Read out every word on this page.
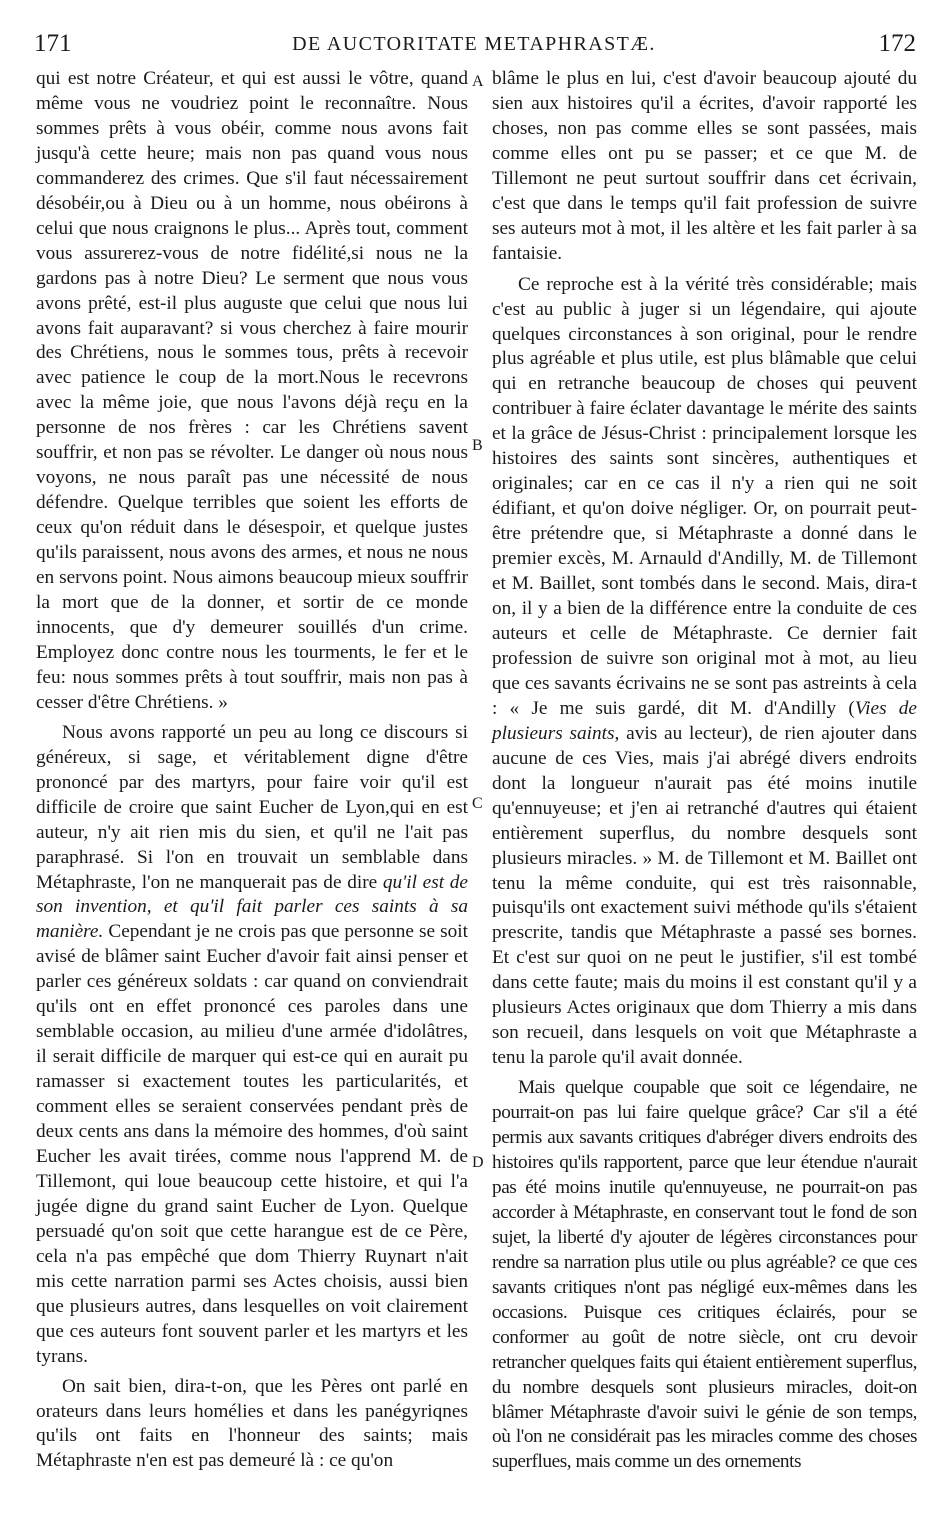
171	DE AUCTORITATE METAPHRASTÆ.	172

qui est notre Créateur, et qui est aussi le vôtre, quand même vous ne voudriez point le reconnaître. Nous sommes prêts à vous obéir, comme nous avons fait jusqu'à cette heure; mais non pas quand vous nous commanderez des crimes. Que s'il faut nécessairement désobéir,ou à Dieu ou à un homme, nous obéirons à celui que nous craignons le plus... Après tout, comment vous assurerez-vous de notre fidélité,si nous ne la gardons pas à notre Dieu? Le serment que nous vous avons prêté, est-il plus auguste que celui que nous lui avons fait auparavant? si vous cherchez à faire mourir des Chrétiens, nous le sommes tous, prêts à recevoir avec patience le coup de la mort.Nous le recevrons avec la même joie, que nous l'avons déjà reçu en la personne de nos frères : car les Chrétiens savent souffrir, et non pas se révolter. Le danger où nous nous voyons, ne nous paraît pas une nécessité de nous défendre. Quelque terribles que soient les efforts de ceux qu'on réduit dans le désespoir, et quelque justes qu'ils paraissent, nous avons des armes, et nous ne nous en servons point. Nous aimons beaucoup mieux souffrir la mort que de la donner, et sortir de ce monde innocents, que d'y demeurer souillés d'un crime. Employez donc contre nous les tourments, le fer et le feu: nous sommes prêts à tout souffrir, mais non pas à cesser d'être Chrétiens. »

Nous avons rapporté un peu au long ce discours si généreux, si sage, et véritablement digne d'être prononcé par des martyrs, pour faire voir qu'il est difficile de croire que saint Eucher de Lyon,qui en est auteur, n'y ait rien mis du sien, et qu'il ne l'ait pas paraphrasé. Si l'on en trouvait un semblable dans Métaphraste, l'on ne manquerait pas de dire qu'il est de son invention, et qu'il fait parler ces saints à sa manière. Cependant je ne crois pas que personne se soit avisé de blâmer saint Eucher d'avoir fait ainsi penser et parler ces généreux soldats : car quand on conviendrait qu'ils ont en effet prononcé ces paroles dans une semblable occasion, au milieu d'une armée d'idolâtres, il serait difficile de marquer qui est-ce qui en aurait pu ramasser si exactement toutes les particularités, et comment elles se seraient conservées pendant près de deux cents ans dans la mémoire des hommes, d'où saint Eucher les avait tirées, comme nous l'apprend M. de Tillemont, qui loue beaucoup cette histoire, et qui l'a jugée digne du grand saint Eucher de Lyon. Quelque persuadé qu'on soit que cette harangue est de ce Père, cela n'a pas empêché que dom Thierry Ruynart n'ait mis cette narration parmi ses Actes choisis, aussi bien que plusieurs autres, dans lesquelles on voit clairement que ces auteurs font souvent parler et les martyrs et les tyrans.

On sait bien, dira-t-on, que les Pères ont parlé en orateurs dans leurs homélies et dans les panégyriqnes qu'ils ont faits en l'honneur des saints; mais Métaphraste n'en est pas demeuré là : ce qu'on

A
B
C
D

blâme le plus en lui, c'est d'avoir beaucoup ajouté du sien aux histoires qu'il a écrites, d'avoir rapporté les choses, non pas comme elles se sont passées, mais comme elles ont pu se passer; et ce que M. de Tillemont ne peut surtout souffrir dans cet écrivain, c'est que dans le temps qu'il fait profession de suivre ses auteurs mot à mot, il les altère et les fait parler à sa fantaisie.

Ce reproche est à la vérité très considérable; mais c'est au public à juger si un légendaire, qui ajoute quelques circonstances à son original, pour le rendre plus agréable et plus utile, est plus blâmable que celui qui en retranche beaucoup de choses qui peuvent contribuer à faire éclater davantage le mérite des saints et la grâce de Jésus-Christ : principalement lorsque les histoires des saints sont sincères, authentiques et originales; car en ce cas il n'y a rien qui ne soit édifiant, et qu'on doive négliger. Or, on pourrait peut-être prétendre que, si Métaphraste a donné dans le premier excès, M. Arnauld d'Andilly, M. de Tillemont et M. Baillet, sont tombés dans le second. Mais, dira-t on, il y a bien de la différence entre la conduite de ces auteurs et celle de Métaphraste. Ce dernier fait profession de suivre son original mot à mot, au lieu que ces savants écrivains ne se sont pas astreints à cela : « Je me suis gardé, dit M. d'Andilly (Vies de plusieurs saints, avis au lecteur), de rien ajouter dans aucune de ces Vies, mais j'ai abrégé divers endroits dont la longueur n'aurait pas été moins inutile qu'ennuyeuse; et j'en ai retranché d'autres qui étaient entièrement superflus, du nombre desquels sont plusieurs miracles. » M. de Tillemont et M. Baillet ont tenu la même conduite, qui est très raisonnable, puisqu'ils ont exactement suivi méthode qu'ils s'étaient prescrite, tandis que Métaphraste a passé ses bornes. Et c'est sur quoi on ne peut le justifier, s'il est tombé dans cette faute; mais du moins il est constant qu'il y a plusieurs Actes originaux que dom Thierry a mis dans son recueil, dans lesquels on voit que Métaphraste a tenu la parole qu'il avait donnée.

Mais quelque coupable que soit ce légendaire, ne pourrait-on pas lui faire quelque grâce? Car s'il a été permis aux savants critiques d'abréger divers endroits des histoires qu'ils rapportent, parce que leur étendue n'aurait pas été moins inutile qu'ennuyeuse, ne pourrait-on pas accorder à Métaphraste, en conservant tout le fond de son sujet, la liberté d'y ajouter de légères circonstances pour rendre sa narration plus utile ou plus agréable? ce que ces savants critiques n'ont pas négligé eux-mêmes dans les occasions. Puisque ces critiques éclairés, pour se conformer au goût de notre siècle, ont cru devoir retrancher quelques faits qui étaient entièrement superflus, du nombre desquels sont plusieurs miracles, doit-on blâmer Métaphraste d'avoir suivi le génie de son temps, où l'on ne considérait pas les miracles comme des choses superflues, mais comme un des ornements
